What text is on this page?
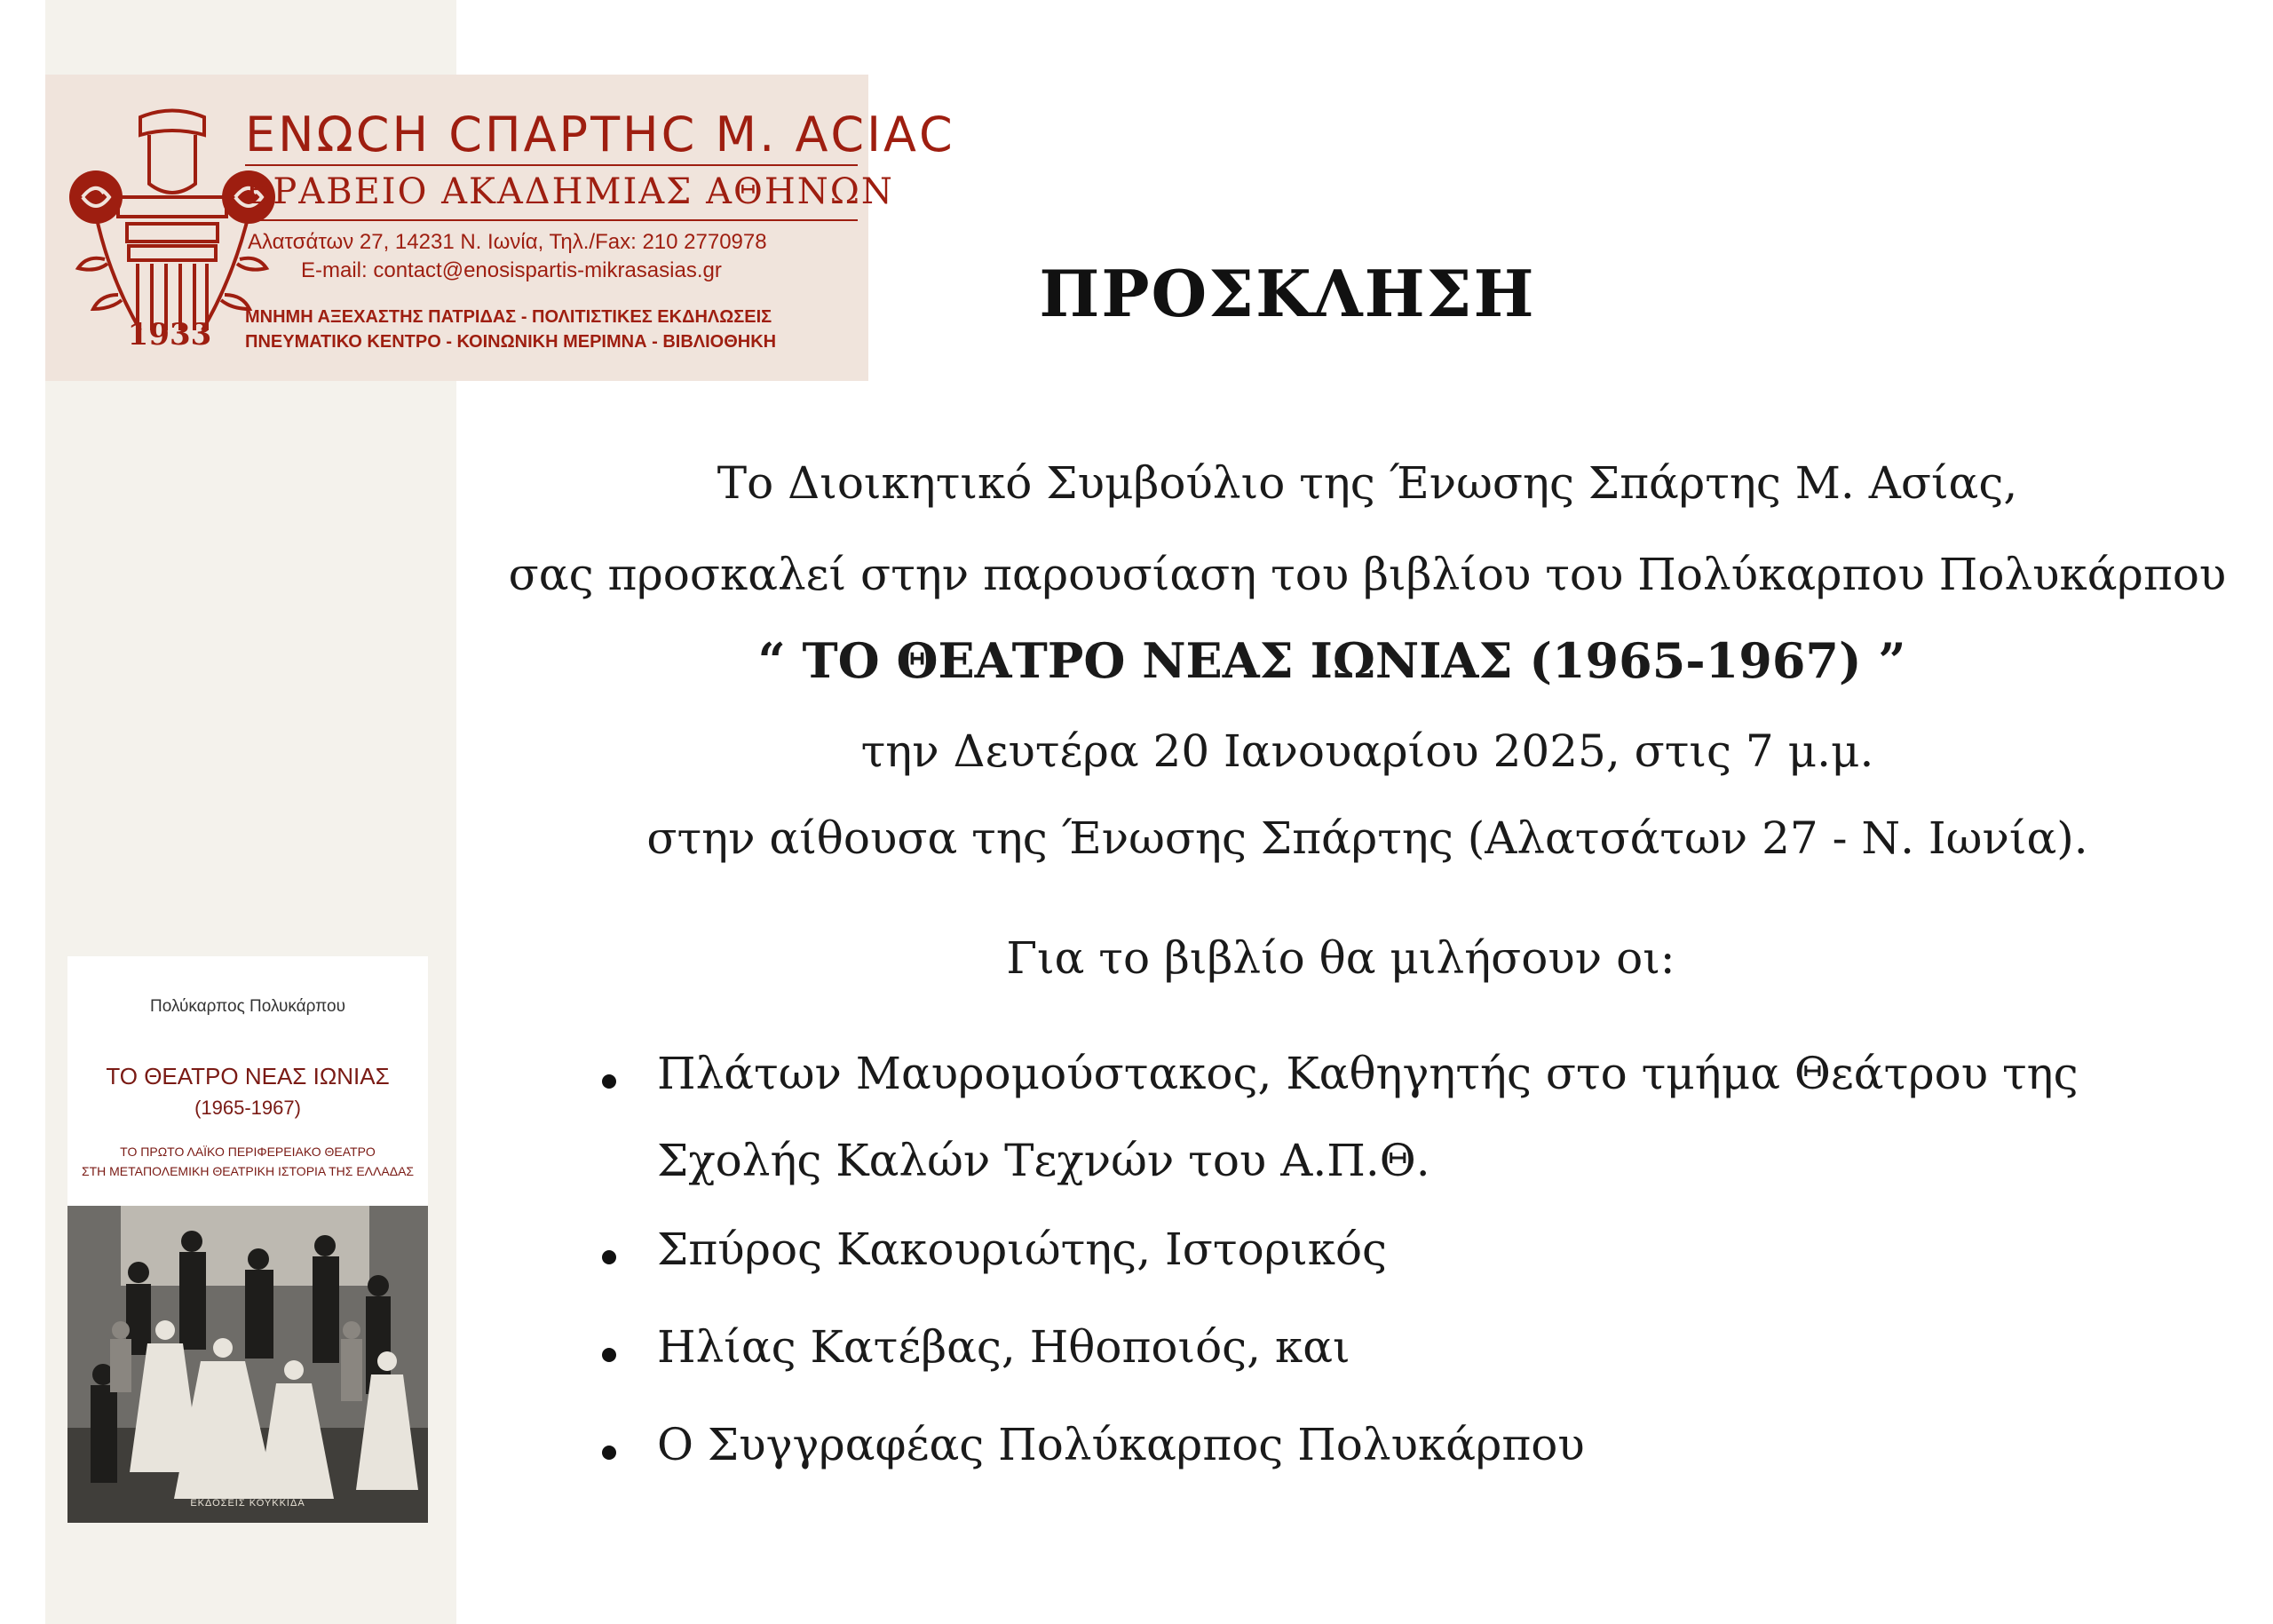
1933
ΕΝΩCΗ CΠΑΡΤΗC Μ. ΑCΙΑC
ΒΡΑΒΕΙΟ ΑΚΑΔΗΜΙΑΣ ΑΘΗΝΩΝ
Αλατσάτων 27, 14231 Ν. Ιωνία, Τηλ./Fax: 210 2770978
E-mail: contact@enosispartis-mikrasasias.gr
ΜΝΗΜΗ ΑΞΕΧΑΣΤΗΣ ΠΑΤΡΙΔΑΣ - ΠΟΛΙΤΙΣΤΙΚΕΣ ΕΚΔΗΛΩΣΕΙΣ
ΠΝΕΥΜΑΤΙΚΟ ΚΕΝΤΡΟ - ΚΟΙΝΩΝΙΚΗ ΜΕΡΙΜΝΑ - ΒΙΒΛΙΟΘΗΚΗ
ΠΡΟΣΚΛΗΣΗ
Το Διοικητικό Συμβούλιο της Ένωσης Σπάρτης Μ. Ασίας,
σας προσκαλεί στην παρουσίαση του βιβλίου του Πολύκαρπου Πολυκάρπου
“ ΤΟ ΘΕΑΤΡΟ ΝΕΑΣ ΙΩΝΙΑΣ (1965-1967) ”
την Δευτέρα 20 Ιανουαρίου 2025, στις 7 μ.μ.
στην αίθουσα της Ένωσης Σπάρτης (Αλατσάτων 27 - Ν. Ιωνία).
Για το βιβλίο θα μιλήσουν οι:
Πλάτων Μαυρομούστακος, Καθηγητής στο τμήμα Θεάτρου της
Σχολής Καλών Τεχνών του Α.Π.Θ.
Σπύρος Κακουριώτης, Ιστορικός
Ηλίας Κατέβας, Ηθοποιός, και
Ο Συγγραφέας Πολύκαρπος Πολυκάρπου
Πολύκαρπος Πολυκάρπου
ΤΟ ΘΕΑΤΡΟ ΝΕΑΣ ΙΩΝΙΑΣ
(1965-1967)
ΤΟ ΠΡΩΤΟ ΛΑΪΚΟ ΠΕΡΙΦΕΡΕΙΑΚΟ ΘΕΑΤΡΟ
ΣΤΗ ΜΕΤΑΠΟΛΕΜΙΚΗ ΘΕΑΤΡΙΚΗ ΙΣΤΟΡΙΑ ΤΗΣ ΕΛΛΑΔΑΣ
ΕΚΔΟΣΕΙΣ ΚΟΥΚΚΙΔΑ
